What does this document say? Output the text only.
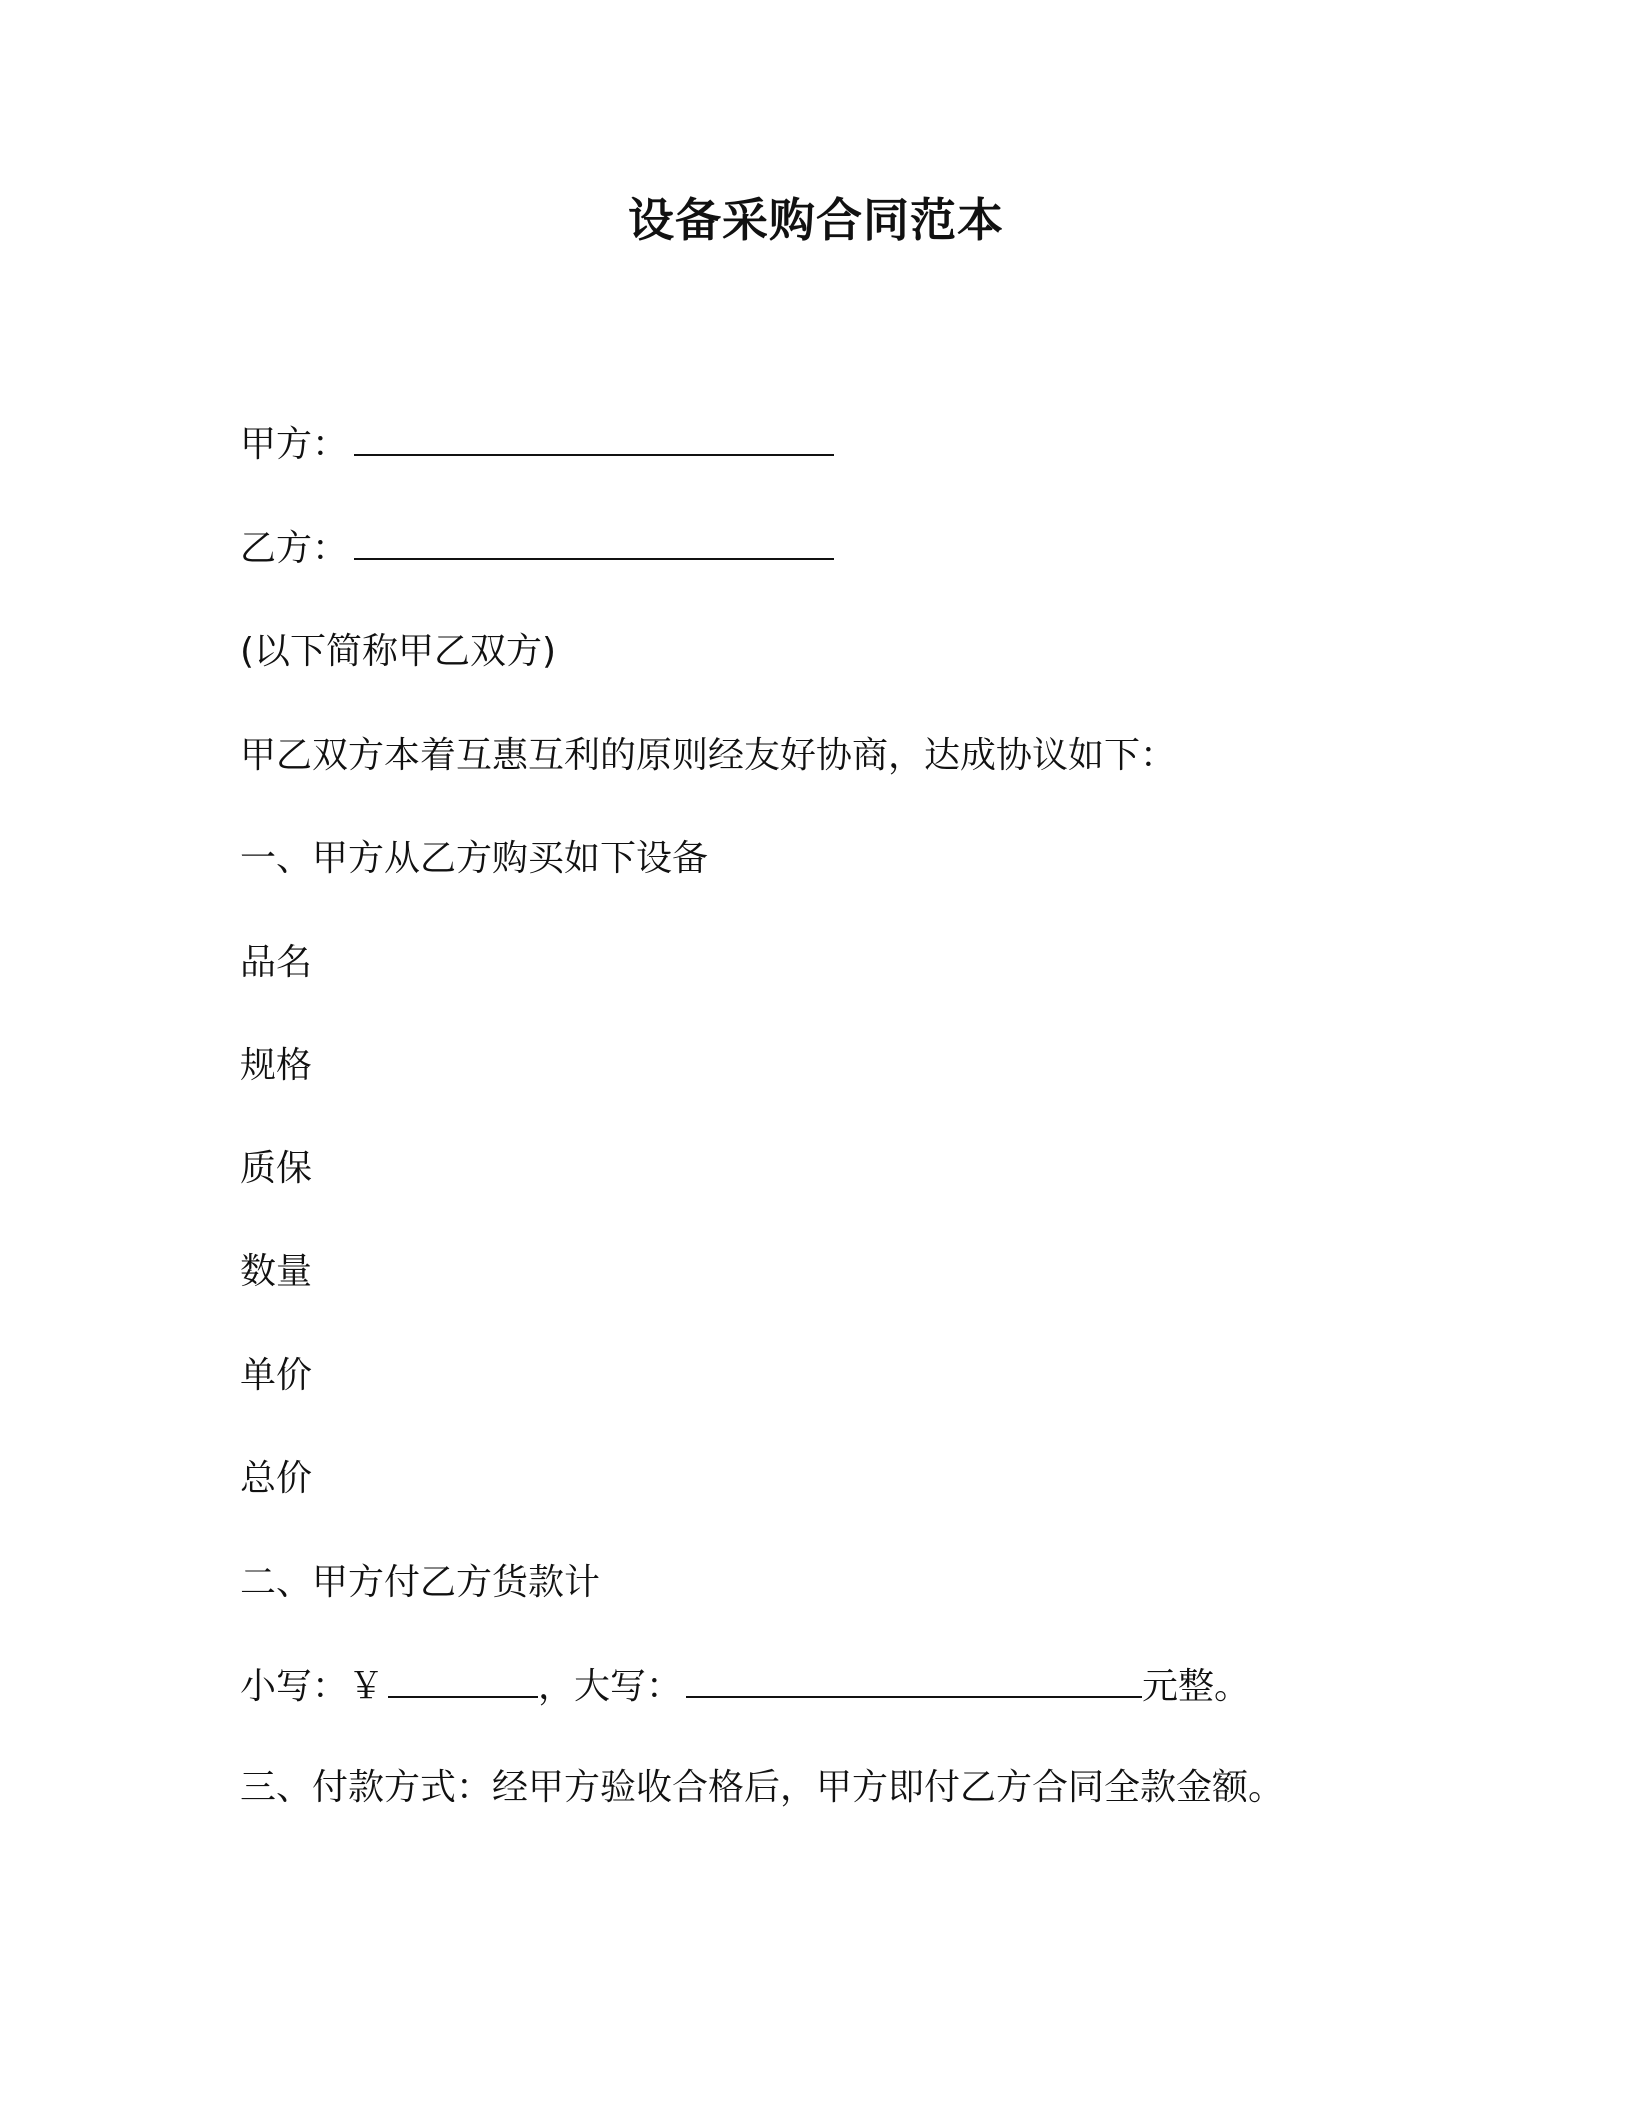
设备采购合同范本
甲方：
乙方：
(以下简称甲乙双方)
甲乙双方本着互惠互利的原则经友好协商，达成协议如下：
一、甲方从乙方购买如下设备
品名
规格
质保
数量
单价
总价
二、甲方付乙方货款计
小写：￥	，大写：	元整。
三、付款方式：经甲方验收合格后，甲方即付乙方合同全款金额。
